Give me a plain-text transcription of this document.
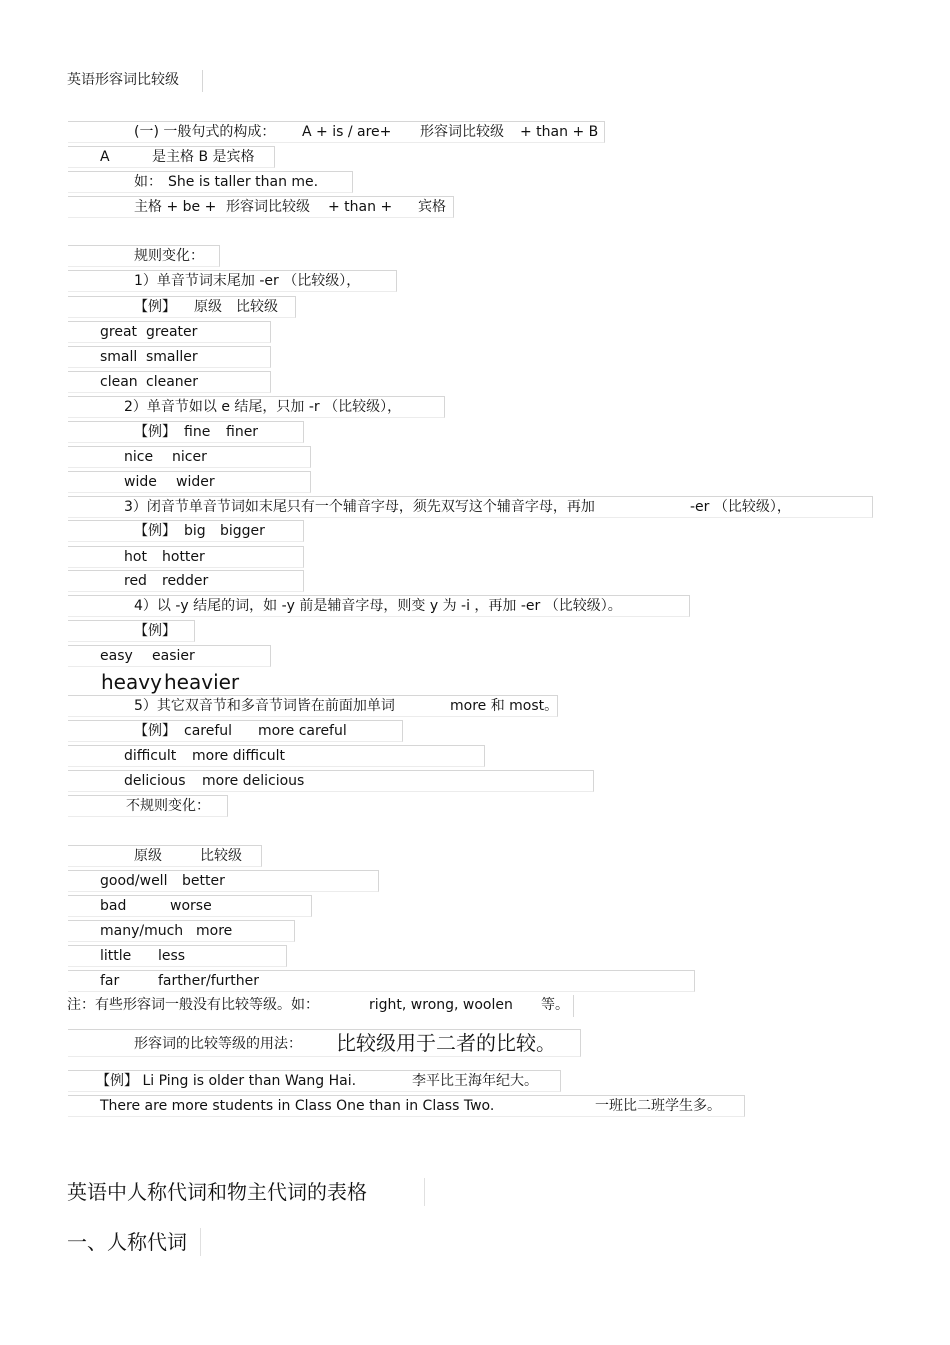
英语形容词比较级
(一) 一般句式的构成： A + is / are+ 形容词比较级 + than + B
A	是主格 B 是宾格
如： She is taller than me.
主格 + be + 形容词比较级 + than + 宾格
规则变化：
1）单音节词末尾加 -er （比较级），
【例】 原级 比较级
great greater
small smaller
clean cleaner
2）单音节如以 e 结尾，只加 -r （比较级），
【例】 fine finer
nice nicer
wide wider
3）闭音节单音节词如末尾只有一个辅音字母，须先双写这个辅音字母，再加	-er （比较级），
【例】 big bigger
hot hotter
red redder
4）以 -y 结尾的词，如 -y 前是辅音字母，则变 y 为 -i ，再加 -er （比较级）。
【例】
easy easier
heavy heavier
5）其它双音节和多音节词皆在前面加单词	more 和 most。
【例】 careful more careful
difficult more difficult
delicious more delicious
不规则变化：
原级	比较级
good/well better
bad	worse
many/much more
little less
far	farther/further
注：有些形容词一般没有比较等级。如：	right, wrong, woolen 等。
形容词的比较等级的用法： 比较级用于二者的比较。
【例】 Li Ping is older than Wang Hai.	李平比王海年纪大。
There are more students in Class One than in Class Two.	一班比二班学生多。
英语中人称代词和物主代词的表格
一、人称代词
